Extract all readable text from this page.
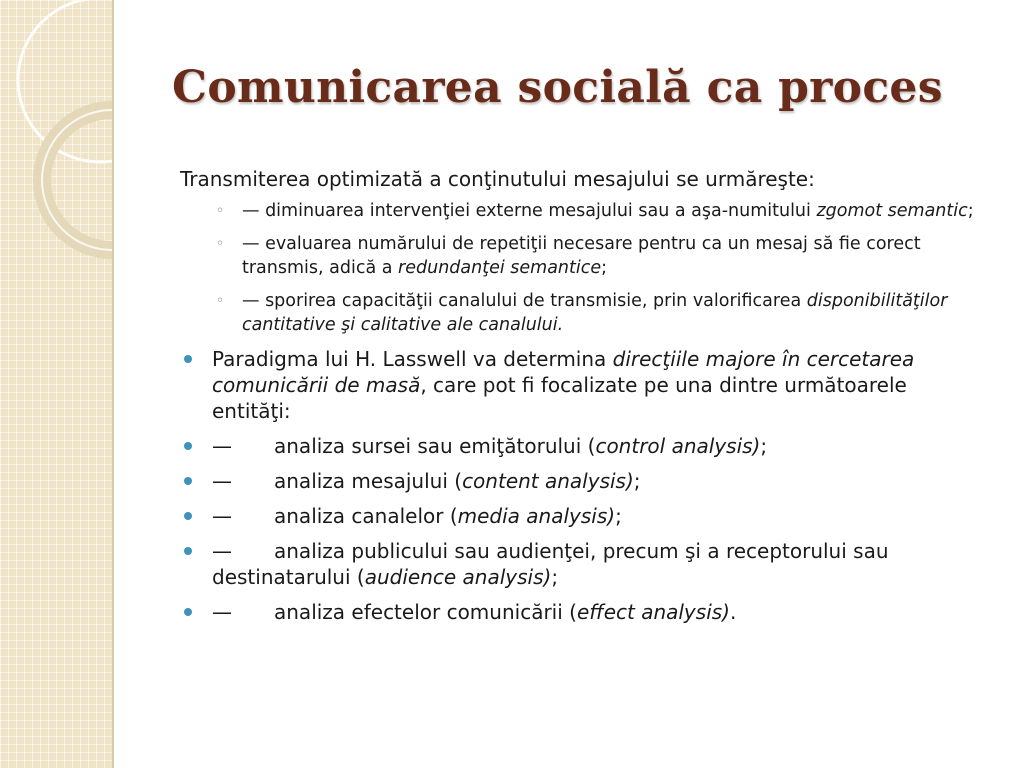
Comunicarea socială ca proces

Transmiterea optimizată a conţinutului mesajului se urmăreşte:

◦ — diminuarea intervenţiei externe mesajului sau a aşa-numitului zgomot semantic;
◦ — evaluarea numărului de repetiţii necesare pentru ca un mesaj să fie corect transmis, adică a redundanţei semantice;
◦ — sporirea capacităţii canalului de transmisie, prin valorificarea disponibilităţilor cantitative şi calitative ale canalului.
Paradigma lui H. Lasswell va determina direcţiile majore în cercetarea comunicării de masă, care pot fi focalizate pe una dintre următoarele entităţi:
— analiza sursei sau emiţătorului (control analysis);
— analiza mesajului (content analysis);
— analiza canalelor (media analysis);
— analiza publicului sau audienţei, precum şi a receptorului sau destinatarului (audience analysis);
— analiza efectelor comunicării (effect analysis).
